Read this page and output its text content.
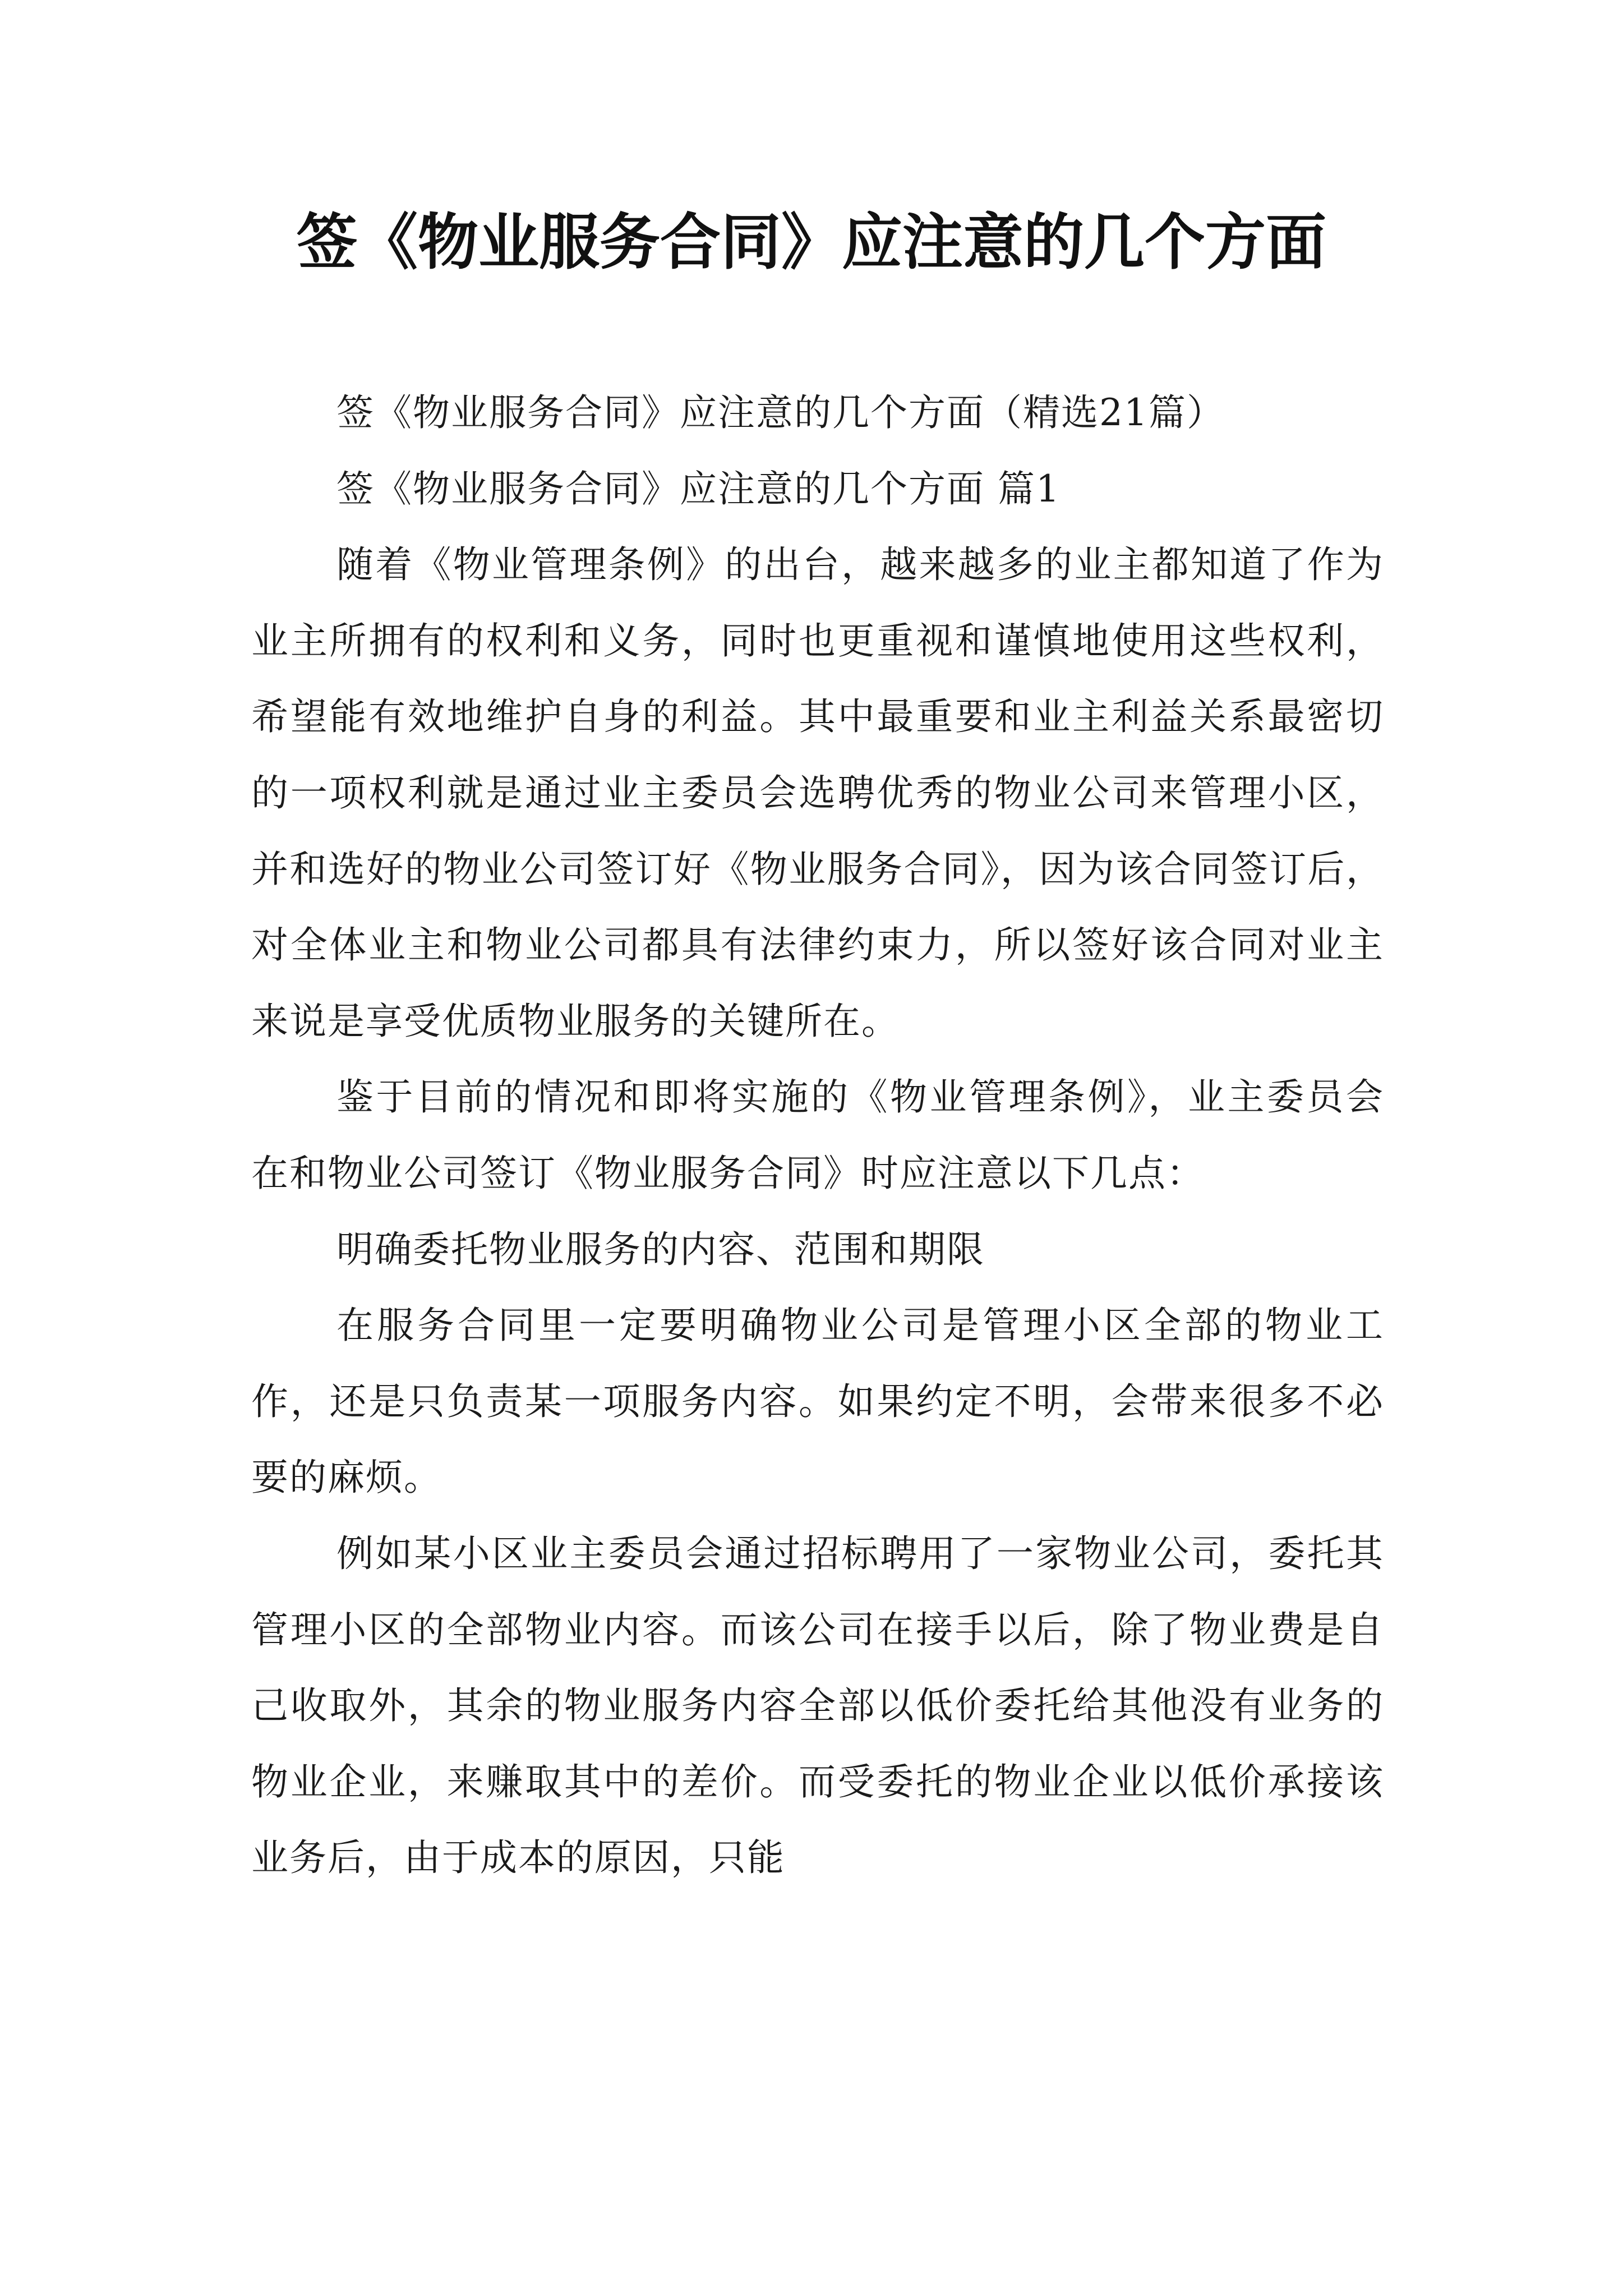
签《物业服务合同》应注意的几个方面

签《物业服务合同》应注意的几个方面（精选21篇）

签《物业服务合同》应注意的几个方面 篇1

随着《物业管理条例》的出台，越来越多的业主都知道了作为业主所拥有的权利和义务，同时也更重视和谨慎地使用这些权利，希望能有效地维护自身的利益。其中最重要和业主利益关系最密切的一项权利就是通过业主委员会选聘优秀的物业公司来管理小区，并和选好的物业公司签订好《物业服务合同》，因为该合同签订后，对全体业主和物业公司都具有法律约束力，所以签好该合同对业主来说是享受优质物业服务的关键所在。

鉴于目前的情况和即将实施的《物业管理条例》，业主委员会在和物业公司签订《物业服务合同》时应注意以下几点：

明确委托物业服务的内容、范围和期限

在服务合同里一定要明确物业公司是管理小区全部的物业工作，还是只负责某一项服务内容。如果约定不明，会带来很多不必要的麻烦。

例如某小区业主委员会通过招标聘用了一家物业公司，委托其管理小区的全部物业内容。而该公司在接手以后，除了物业费是自己收取外，其余的物业服务内容全部以低价委托给其他没有业务的物业企业，来赚取其中的差价。而受委托的物业企业以低价承接该业务后，由于成本的原因，只能
